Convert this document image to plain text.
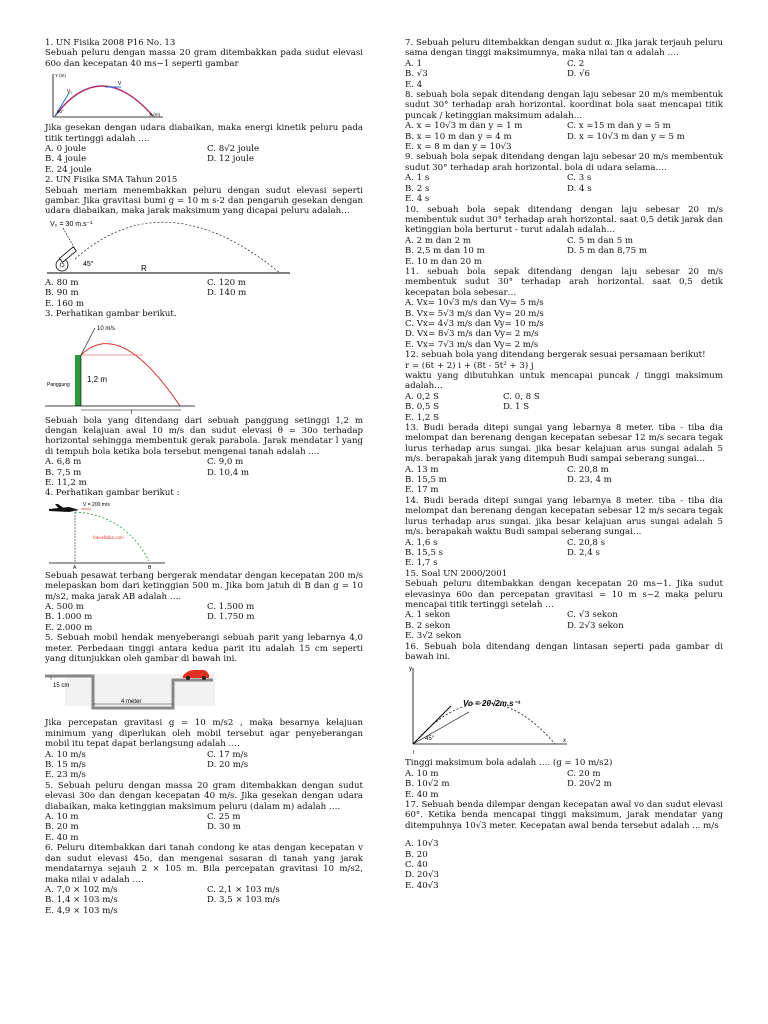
1. UN Fisika 2008 P16 No. 13
Sebuah peluru dengan massa 20 gram ditembakkan pada sudut elevasi 60o dan kecepatan 40 ms−1 seperti gambar
Y (m)
X (m)
V
Vₒ
60°
Jika gesekan dengan udara diabaikan, maka energi kinetik peluru pada titik tertinggi adalah ….
A. 0 joule	C. 8√2 joule
B. 4 joule	D. 12 joule
E. 24 joule
2. UN Fisika SMA Tahun 2015
Sebuah meriam menembakkan peluru dengan sudut elevasi seperti gambar. Jika gravitasi bumi g = 10 m s-2 dan pengaruh gesekan dengan udara diabaikan, maka jarak maksimum yang dicapai peluru adalah…
V₀ = 30 m.s⁻¹
45°	R
A. 80 m	C. 120 m
B. 90 m	D. 140 m
E. 160 m
3. Perhatikan gambar berikut.
10 m/s
1,2 m
Panggung
l
Sebuah bola yang ditendang dari sebuah panggung setinggi 1,2 m dengan kelajuan awal 10 m/s dan sudut elevasi θ = 30o terhadap horizontal sehingga membentuk gerak parabola. Jarak mendatar l yang di tempuh bola ketika bola tersebut mengenai tanah adalah ....
A. 6,8 m	C. 9,0 m
B. 7,5 m	D. 10,4 m
E. 11,2 m
4. Perhatikan gambar berikut :
V = 200 m/s
fokusfisika.com
A	B
Sebuah pesawat terbang bergerak mendatar dengan kecepatan 200 m/s melepaskan bom dari ketinggian 500 m. Jika bom jatuh di B dan g = 10 m/s2, maka jarak AB adalah ….
A. 500 m	C. 1.500 m
B. 1.000 m	D. 1.750 m
E. 2.000 m
5. Sebuah mobil hendak menyeberangi sebuah parit yang lebarnya 4,0 meter. Perbedaan tinggi antara kedua parit itu adalah 15 cm seperti yang ditunjukkan oleh gambar di bawah ini.
15 cm
4 meter
Jika percepatan gravitasi g = 10 m/s2 , maka besarnya kelajuan minimum yang diperlukan oleh mobil tersebut agar penyeberangan mobil itu tepat dapat berlangsung adalah ….
A. 10 m/s	C. 17 m/s
B. 15 m/s	D. 20 m/s
E. 23 m/s
5. Sebuah peluru dengan massa 20 gram ditembakkan dengan sudut elevasi 30o dan dengan kecepatan 40 m/s. Jika gesekan dengan udara diabaikan, maka ketinggian maksimum peluru (dalam m) adalah ….
A. 10 m	C. 25 m
B. 20 m	D. 30 m
E. 40 m
6. Peluru ditembakkan dari tanah condong ke atas dengan kecepatan v dan sudut elevasi 45o, dan mengenai sasaran di tanah yang jarak mendatarnya sejauh 2 × 105 m. Bila percepatan gravitasi 10 m/s2, maka nilai v adalah ….
A. 7,0 × 102 m/s	C. 2,1 × 103 m/s
B. 1,4 × 103 m/s	D. 3,5 × 103 m/s
E. 4,9 × 103 m/s
7. Sebuah peluru ditembakkan dengan sudut α. Jika jarak terjauh peluru sama dengan tinggi maksimumnya, maka nilai tan α adalah ….
A. 1	C. 2
B. √3	D. √6
E. 4
8. sebuah bola sepak ditendang dengan laju sebesar 20 m/s membentuk sudut 30° terhadap arah horizontal. koordinat bola saat mencapai titik puncak / ketinggian maksimum adalah…
A. x = 10√3 m dan y = 1 m	C. x =15 m dan y = 5 m
B. x = 10 m dan y = 4 m	D. x = 10√3 m dan y = 5 m
E. x = 8 m dan y = 10√3
9. sebuah bola sepak ditendang dengan laju sebesar 20 m/s membentuk sudut 30° terhadap arah horizontal. bola di udara selama….
A. 1 s	C. 3 s
B. 2 s	D. 4 s
E. 4 s
10. sebuah bola sepak ditendang dengan laju sebesar 20 m/s membentuk sudut 30° terhadap arah horizontal. saat 0,5 detik jarak dan ketinggian bola berturut - turut adalah adalah…
A. 2 m dan 2 m	C. 5 m dan 5 m
B. 2,5 m dan 10 m	D. 5 m dan 8,75 m
E. 10 m dan 20 m
11. sebuah bola sepak ditendang dengan laju sebesar 20 m/s membentuk sudut 30° terhadap arah horizontal. saat 0,5 detik kecepatan bola sebesar…
A. Vx= 10√3 m/s dan Vy= 5 m/s
B. Vx= 5√3 m/s dan Vy= 20 m/s
C. Vx= 4√3 m/s dan Vy= 10 m/s
D. Vx= 8√3 m/s dan Vy= 2 m/s
E. Vx= 7√3 m/s dan Vy= 2 m/s
12. sebuah bola yang ditendang bergerak sesuai persamaan berikut!
r = (6t + 2) i + (8t - 5t² + 3) j
waktu yang dibutuhkan untuk mencapai puncak / tinggi maksimum adalah…
A. 0,2 S	C. 0, 8 S
B. 0,5 S	D. 1 S
E. 1,2 S
13. Budi berada ditepi sungai yang lebarnya 8 meter. tiba - tiba dia melompat dan berenang dengan kecepatan sebesar 12 m/s secara tegak lurus terhadap arus sungai. jika besar kelajuan arus sungai adalah 5 m/s. berapakah jarak yang ditempuh Budi sampai seberang sungai…
A. 13 m	C. 20,8 m
B. 15,5 m	D. 23, 4 m
E. 17 m
14. Budi berada ditepi sungai yang lebarnya 8 meter. tiba - tiba dia melompat dan berenang dengan kecepatan sebesar 12 m/s secara tegak lurus terhadap arus sungai. jika besar kelajuan arus sungai adalah 5 m/s. berapakah waktu Budi sampai seberang sungai…
A. 1,6 s	C. 20,8 s
B. 15,5 s	D. 2,4 s
E. 1,7 s
15. Soal UN 2000/2001
Sebuah peluru ditembakkan dengan kecepatan 20 ms−1. Jika sudut elevasinya 60o dan percepatan gravitasi = 10 m s−2 maka peluru mencapai titik tertinggi setelah …
A. 1 sekon	C. √3 sekon
B. 2 sekon	D. 2√3 sekon
E. 3√2 sekon
16. Sebuah bola ditendang dengan lintasan seperti pada gambar di bawah ini.
y
x
Vo = 20√2m.s⁻¹
45°
t
Tinggi maksimum bola adalah …. (g = 10 m/s2)
A. 10 m	C. 20 m
B. 10√2 m	D. 20√2 m
E. 40 m
17. Sebuah benda dilempar dengan kecepatan awal vo dan sudut elevasi 60°. Ketika benda mencapai tinggi maksimum, jarak mendatar yang ditempuhnya 10√3 meter. Kecepatan awal benda tersebut adalah ... m/s
A. 10√3
B. 20
C. 40
D. 20√3
E. 40√3
